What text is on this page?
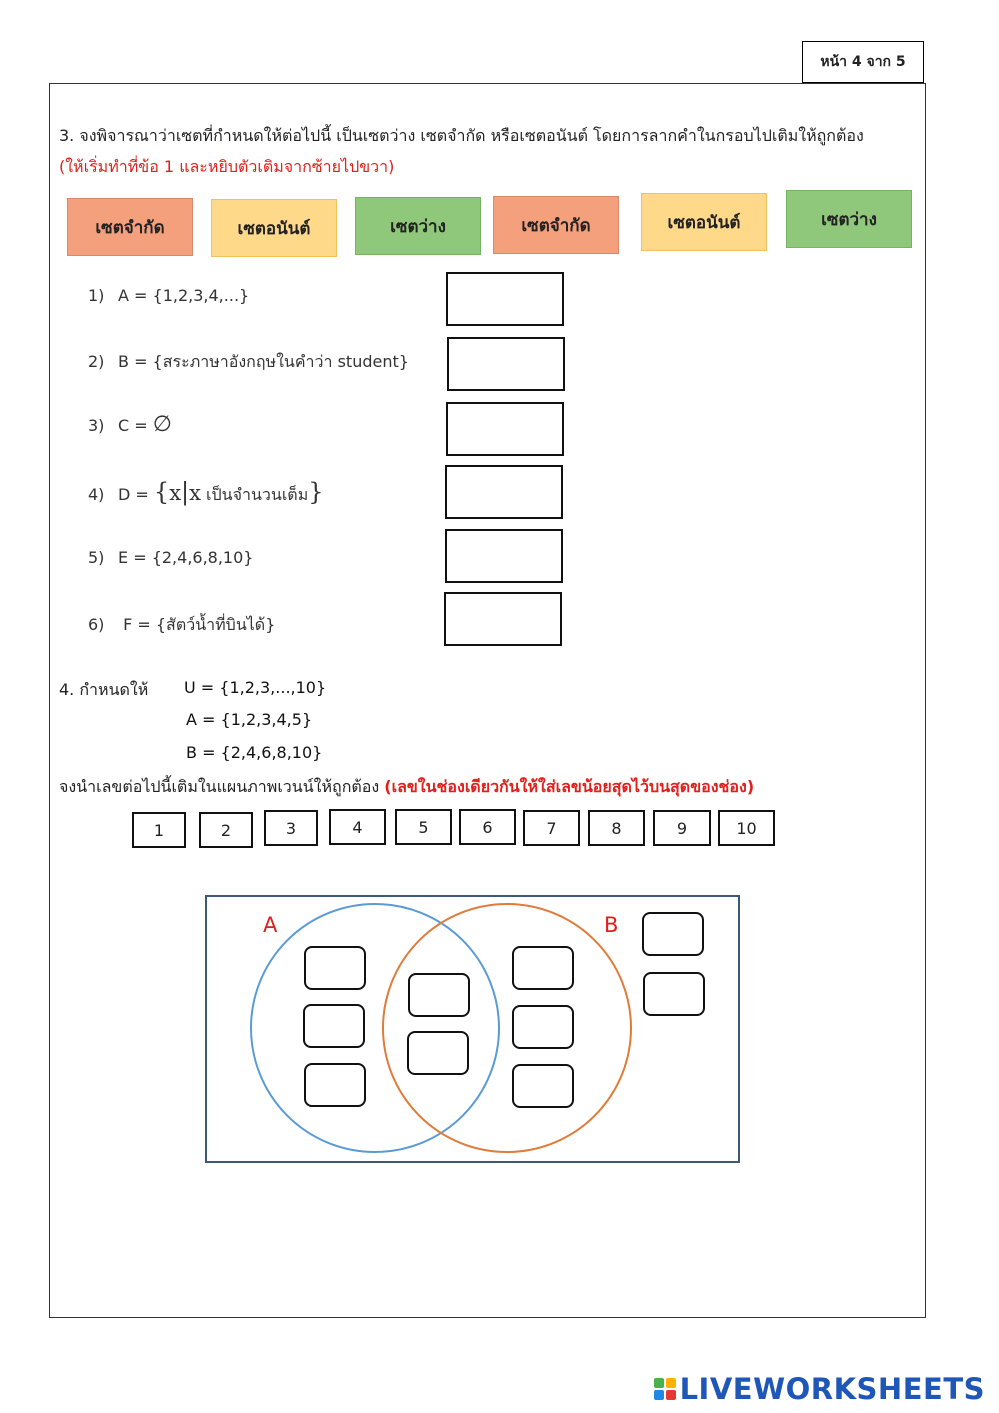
หน้า 4 จาก 5
3. จงพิจารณาว่าเซตที่กำหนดให้ต่อไปนี้ เป็นเซตว่าง เซตจำกัด หรือเซตอนันต์ โดยการลากคำในกรอบไปเติมให้ถูกต้อง
(ให้เริ่มทำที่ข้อ 1 และหยิบตัวเติมจากซ้ายไปขวา)
เซตจำกัด	เซตอนันต์	เซตว่าง	เซตจำกัด	เซตอนันต์	เซตว่าง
1) A = {1,2,3,4,...}
2) B = {สระภาษาอังกฤษในคำว่า student}
3) C = ∅
4) D = {x|x เป็นจำนวนเต็ม}
5) E = {2,4,6,8,10}
6) F = {สัตว์น้ำที่บินได้}
4. กำหนดให้ U = {1,2,3,...,10}
A = {1,2,3,4,5}
B = {2,4,6,8,10}
จงนำเลขต่อไปนี้เติมในแผนภาพเวนน์ให้ถูกต้อง (เลขในช่องเดียวกันให้ใส่เลขน้อยสุดไว้บนสุดของช่อง)
1	2	3	4	5	6	7	8	9	10
A	B
LIVEWORKSHEETS
